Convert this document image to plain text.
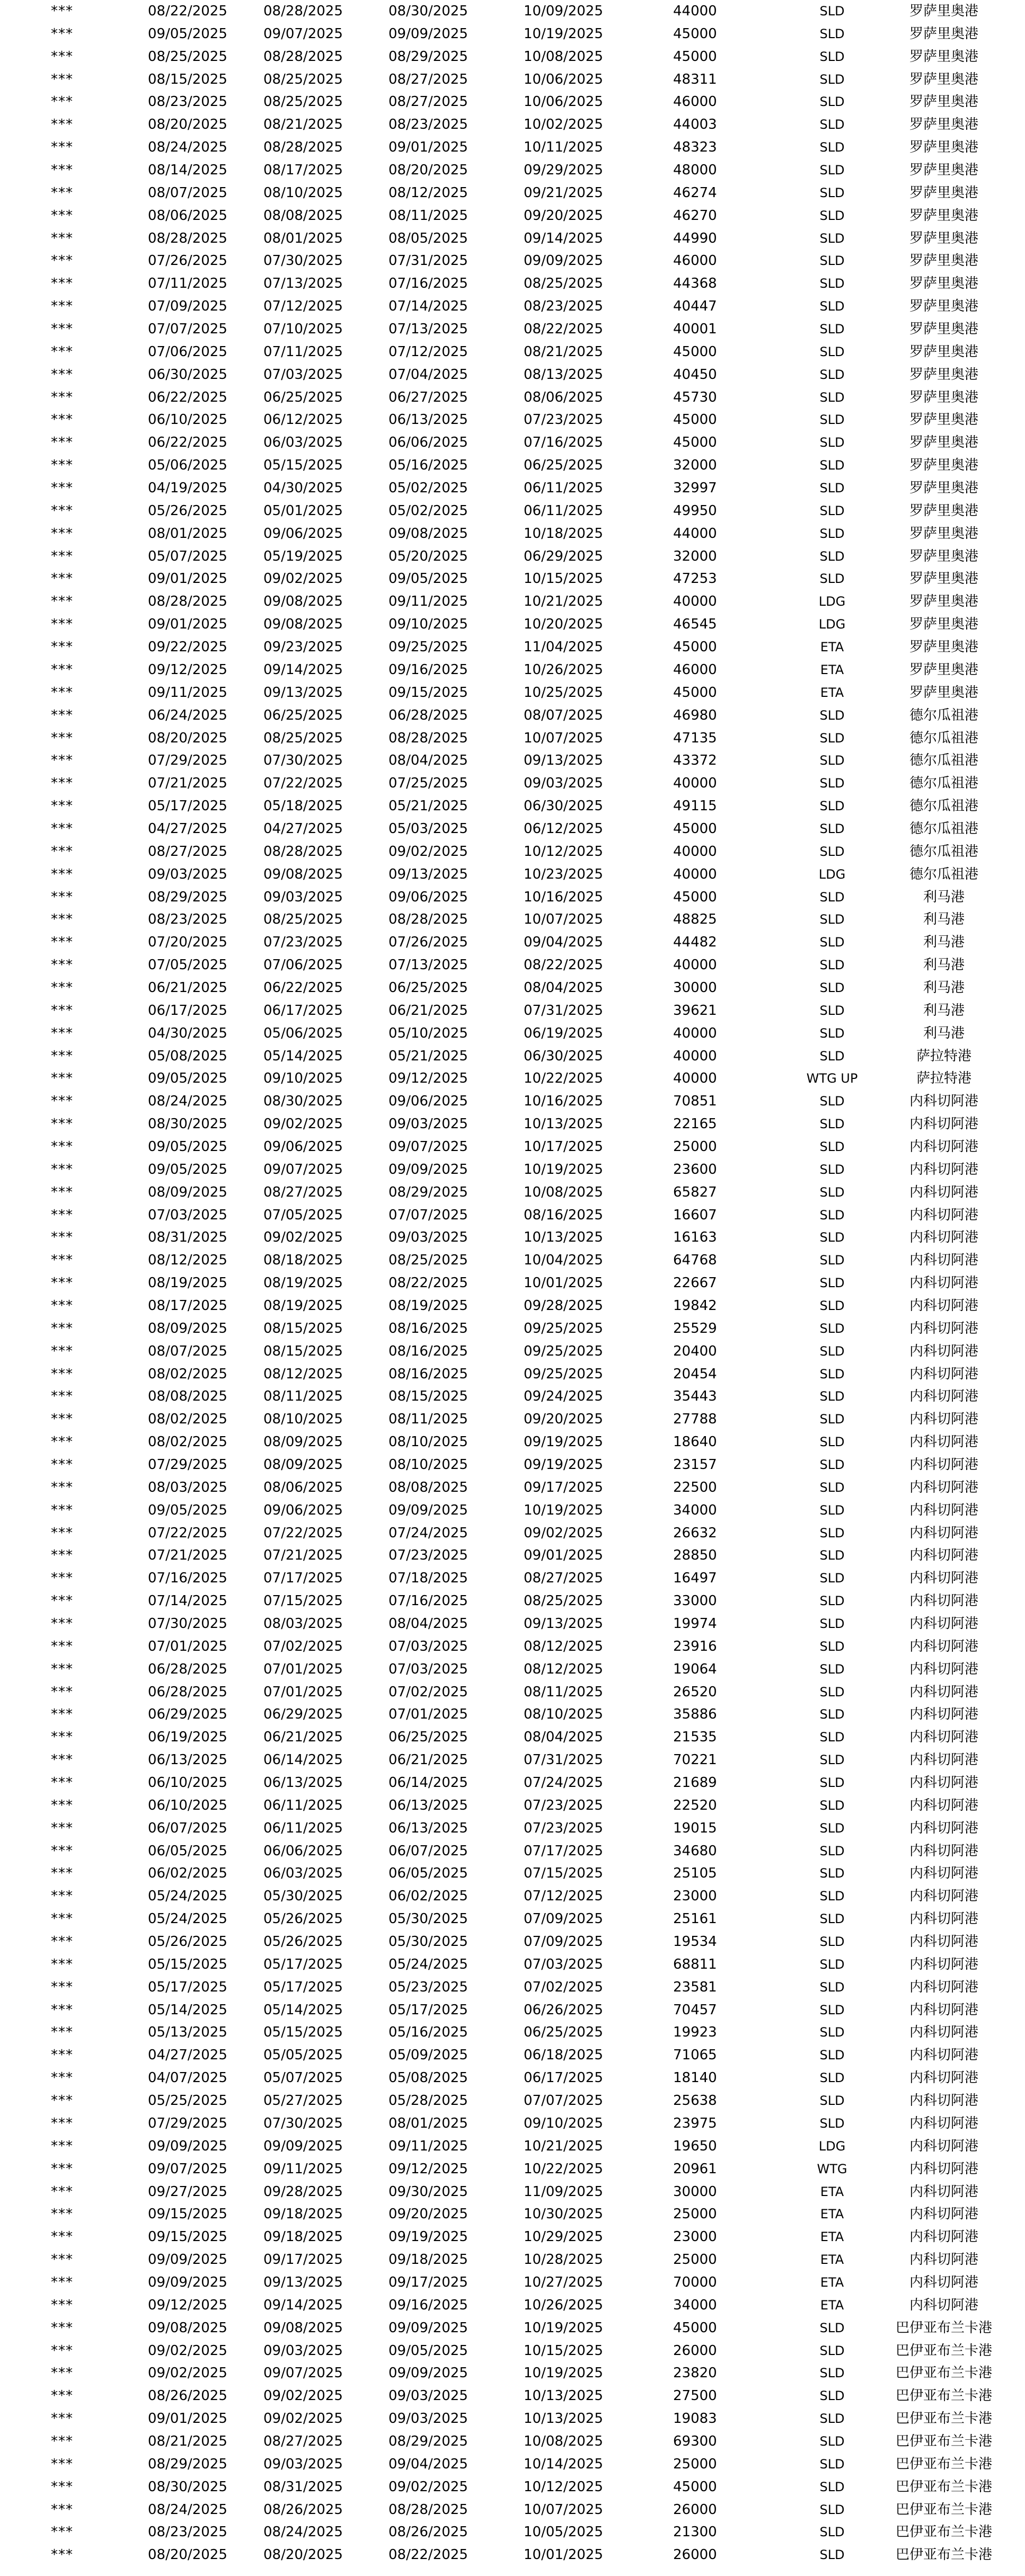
***	08/22/2025	08/28/2025	08/30/2025	10/09/2025	44000	SLD	罗萨里奥港
***	09/05/2025	09/07/2025	09/09/2025	10/19/2025	45000	SLD	罗萨里奥港
***	08/25/2025	08/28/2025	08/29/2025	10/08/2025	45000	SLD	罗萨里奥港
***	08/15/2025	08/25/2025	08/27/2025	10/06/2025	48311	SLD	罗萨里奥港
***	08/23/2025	08/25/2025	08/27/2025	10/06/2025	46000	SLD	罗萨里奥港
***	08/20/2025	08/21/2025	08/23/2025	10/02/2025	44003	SLD	罗萨里奥港
***	08/24/2025	08/28/2025	09/01/2025	10/11/2025	48323	SLD	罗萨里奥港
***	08/14/2025	08/17/2025	08/20/2025	09/29/2025	48000	SLD	罗萨里奥港
***	08/07/2025	08/10/2025	08/12/2025	09/21/2025	46274	SLD	罗萨里奥港
***	08/06/2025	08/08/2025	08/11/2025	09/20/2025	46270	SLD	罗萨里奥港
***	08/28/2025	08/01/2025	08/05/2025	09/14/2025	44990	SLD	罗萨里奥港
***	07/26/2025	07/30/2025	07/31/2025	09/09/2025	46000	SLD	罗萨里奥港
***	07/11/2025	07/13/2025	07/16/2025	08/25/2025	44368	SLD	罗萨里奥港
***	07/09/2025	07/12/2025	07/14/2025	08/23/2025	40447	SLD	罗萨里奥港
***	07/07/2025	07/10/2025	07/13/2025	08/22/2025	40001	SLD	罗萨里奥港
***	07/06/2025	07/11/2025	07/12/2025	08/21/2025	45000	SLD	罗萨里奥港
***	06/30/2025	07/03/2025	07/04/2025	08/13/2025	40450	SLD	罗萨里奥港
***	06/22/2025	06/25/2025	06/27/2025	08/06/2025	45730	SLD	罗萨里奥港
***	06/10/2025	06/12/2025	06/13/2025	07/23/2025	45000	SLD	罗萨里奥港
***	06/22/2025	06/03/2025	06/06/2025	07/16/2025	45000	SLD	罗萨里奥港
***	05/06/2025	05/15/2025	05/16/2025	06/25/2025	32000	SLD	罗萨里奥港
***	04/19/2025	04/30/2025	05/02/2025	06/11/2025	32997	SLD	罗萨里奥港
***	05/26/2025	05/01/2025	05/02/2025	06/11/2025	49950	SLD	罗萨里奥港
***	08/01/2025	09/06/2025	09/08/2025	10/18/2025	44000	SLD	罗萨里奥港
***	05/07/2025	05/19/2025	05/20/2025	06/29/2025	32000	SLD	罗萨里奥港
***	09/01/2025	09/02/2025	09/05/2025	10/15/2025	47253	SLD	罗萨里奥港
***	08/28/2025	09/08/2025	09/11/2025	10/21/2025	40000	LDG	罗萨里奥港
***	09/01/2025	09/08/2025	09/10/2025	10/20/2025	46545	LDG	罗萨里奥港
***	09/22/2025	09/23/2025	09/25/2025	11/04/2025	45000	ETA	罗萨里奥港
***	09/12/2025	09/14/2025	09/16/2025	10/26/2025	46000	ETA	罗萨里奥港
***	09/11/2025	09/13/2025	09/15/2025	10/25/2025	45000	ETA	罗萨里奥港
***	06/24/2025	06/25/2025	06/28/2025	08/07/2025	46980	SLD	德尔瓜祖港
***	08/20/2025	08/25/2025	08/28/2025	10/07/2025	47135	SLD	德尔瓜祖港
***	07/29/2025	07/30/2025	08/04/2025	09/13/2025	43372	SLD	德尔瓜祖港
***	07/21/2025	07/22/2025	07/25/2025	09/03/2025	40000	SLD	德尔瓜祖港
***	05/17/2025	05/18/2025	05/21/2025	06/30/2025	49115	SLD	德尔瓜祖港
***	04/27/2025	04/27/2025	05/03/2025	06/12/2025	45000	SLD	德尔瓜祖港
***	08/27/2025	08/28/2025	09/02/2025	10/12/2025	40000	SLD	德尔瓜祖港
***	09/03/2025	09/08/2025	09/13/2025	10/23/2025	40000	LDG	德尔瓜祖港
***	08/29/2025	09/03/2025	09/06/2025	10/16/2025	45000	SLD	利马港
***	08/23/2025	08/25/2025	08/28/2025	10/07/2025	48825	SLD	利马港
***	07/20/2025	07/23/2025	07/26/2025	09/04/2025	44482	SLD	利马港
***	07/05/2025	07/06/2025	07/13/2025	08/22/2025	40000	SLD	利马港
***	06/21/2025	06/22/2025	06/25/2025	08/04/2025	30000	SLD	利马港
***	06/17/2025	06/17/2025	06/21/2025	07/31/2025	39621	SLD	利马港
***	04/30/2025	05/06/2025	05/10/2025	06/19/2025	40000	SLD	利马港
***	05/08/2025	05/14/2025	05/21/2025	06/30/2025	40000	SLD	萨拉特港
***	09/05/2025	09/10/2025	09/12/2025	10/22/2025	40000	WTG UP	萨拉特港
***	08/24/2025	08/30/2025	09/06/2025	10/16/2025	70851	SLD	内科切阿港
***	08/30/2025	09/02/2025	09/03/2025	10/13/2025	22165	SLD	内科切阿港
***	09/05/2025	09/06/2025	09/07/2025	10/17/2025	25000	SLD	内科切阿港
***	09/05/2025	09/07/2025	09/09/2025	10/19/2025	23600	SLD	内科切阿港
***	08/09/2025	08/27/2025	08/29/2025	10/08/2025	65827	SLD	内科切阿港
***	07/03/2025	07/05/2025	07/07/2025	08/16/2025	16607	SLD	内科切阿港
***	08/31/2025	09/02/2025	09/03/2025	10/13/2025	16163	SLD	内科切阿港
***	08/12/2025	08/18/2025	08/25/2025	10/04/2025	64768	SLD	内科切阿港
***	08/19/2025	08/19/2025	08/22/2025	10/01/2025	22667	SLD	内科切阿港
***	08/17/2025	08/19/2025	08/19/2025	09/28/2025	19842	SLD	内科切阿港
***	08/09/2025	08/15/2025	08/16/2025	09/25/2025	25529	SLD	内科切阿港
***	08/07/2025	08/15/2025	08/16/2025	09/25/2025	20400	SLD	内科切阿港
***	08/02/2025	08/12/2025	08/16/2025	09/25/2025	20454	SLD	内科切阿港
***	08/08/2025	08/11/2025	08/15/2025	09/24/2025	35443	SLD	内科切阿港
***	08/02/2025	08/10/2025	08/11/2025	09/20/2025	27788	SLD	内科切阿港
***	08/02/2025	08/09/2025	08/10/2025	09/19/2025	18640	SLD	内科切阿港
***	07/29/2025	08/09/2025	08/10/2025	09/19/2025	23157	SLD	内科切阿港
***	08/03/2025	08/06/2025	08/08/2025	09/17/2025	22500	SLD	内科切阿港
***	09/05/2025	09/06/2025	09/09/2025	10/19/2025	34000	SLD	内科切阿港
***	07/22/2025	07/22/2025	07/24/2025	09/02/2025	26632	SLD	内科切阿港
***	07/21/2025	07/21/2025	07/23/2025	09/01/2025	28850	SLD	内科切阿港
***	07/16/2025	07/17/2025	07/18/2025	08/27/2025	16497	SLD	内科切阿港
***	07/14/2025	07/15/2025	07/16/2025	08/25/2025	33000	SLD	内科切阿港
***	07/30/2025	08/03/2025	08/04/2025	09/13/2025	19974	SLD	内科切阿港
***	07/01/2025	07/02/2025	07/03/2025	08/12/2025	23916	SLD	内科切阿港
***	06/28/2025	07/01/2025	07/03/2025	08/12/2025	19064	SLD	内科切阿港
***	06/28/2025	07/01/2025	07/02/2025	08/11/2025	26520	SLD	内科切阿港
***	06/29/2025	06/29/2025	07/01/2025	08/10/2025	35886	SLD	内科切阿港
***	06/19/2025	06/21/2025	06/25/2025	08/04/2025	21535	SLD	内科切阿港
***	06/13/2025	06/14/2025	06/21/2025	07/31/2025	70221	SLD	内科切阿港
***	06/10/2025	06/13/2025	06/14/2025	07/24/2025	21689	SLD	内科切阿港
***	06/10/2025	06/11/2025	06/13/2025	07/23/2025	22520	SLD	内科切阿港
***	06/07/2025	06/11/2025	06/13/2025	07/23/2025	19015	SLD	内科切阿港
***	06/05/2025	06/06/2025	06/07/2025	07/17/2025	34680	SLD	内科切阿港
***	06/02/2025	06/03/2025	06/05/2025	07/15/2025	25105	SLD	内科切阿港
***	05/24/2025	05/30/2025	06/02/2025	07/12/2025	23000	SLD	内科切阿港
***	05/24/2025	05/26/2025	05/30/2025	07/09/2025	25161	SLD	内科切阿港
***	05/26/2025	05/26/2025	05/30/2025	07/09/2025	19534	SLD	内科切阿港
***	05/15/2025	05/17/2025	05/24/2025	07/03/2025	68811	SLD	内科切阿港
***	05/17/2025	05/17/2025	05/23/2025	07/02/2025	23581	SLD	内科切阿港
***	05/14/2025	05/14/2025	05/17/2025	06/26/2025	70457	SLD	内科切阿港
***	05/13/2025	05/15/2025	05/16/2025	06/25/2025	19923	SLD	内科切阿港
***	04/27/2025	05/05/2025	05/09/2025	06/18/2025	71065	SLD	内科切阿港
***	04/07/2025	05/07/2025	05/08/2025	06/17/2025	18140	SLD	内科切阿港
***	05/25/2025	05/27/2025	05/28/2025	07/07/2025	25638	SLD	内科切阿港
***	07/29/2025	07/30/2025	08/01/2025	09/10/2025	23975	SLD	内科切阿港
***	09/09/2025	09/09/2025	09/11/2025	10/21/2025	19650	LDG	内科切阿港
***	09/07/2025	09/11/2025	09/12/2025	10/22/2025	20961	WTG	内科切阿港
***	09/27/2025	09/28/2025	09/30/2025	11/09/2025	30000	ETA	内科切阿港
***	09/15/2025	09/18/2025	09/20/2025	10/30/2025	25000	ETA	内科切阿港
***	09/15/2025	09/18/2025	09/19/2025	10/29/2025	23000	ETA	内科切阿港
***	09/09/2025	09/17/2025	09/18/2025	10/28/2025	25000	ETA	内科切阿港
***	09/09/2025	09/13/2025	09/17/2025	10/27/2025	70000	ETA	内科切阿港
***	09/12/2025	09/14/2025	09/16/2025	10/26/2025	34000	ETA	内科切阿港
***	09/08/2025	09/08/2025	09/09/2025	10/19/2025	45000	SLD	巴伊亚布兰卡港
***	09/02/2025	09/03/2025	09/05/2025	10/15/2025	26000	SLD	巴伊亚布兰卡港
***	09/02/2025	09/07/2025	09/09/2025	10/19/2025	23820	SLD	巴伊亚布兰卡港
***	08/26/2025	09/02/2025	09/03/2025	10/13/2025	27500	SLD	巴伊亚布兰卡港
***	09/01/2025	09/02/2025	09/03/2025	10/13/2025	19083	SLD	巴伊亚布兰卡港
***	08/21/2025	08/27/2025	08/29/2025	10/08/2025	69300	SLD	巴伊亚布兰卡港
***	08/29/2025	09/03/2025	09/04/2025	10/14/2025	25000	SLD	巴伊亚布兰卡港
***	08/30/2025	08/31/2025	09/02/2025	10/12/2025	45000	SLD	巴伊亚布兰卡港
***	08/24/2025	08/26/2025	08/28/2025	10/07/2025	26000	SLD	巴伊亚布兰卡港
***	08/23/2025	08/24/2025	08/26/2025	10/05/2025	21300	SLD	巴伊亚布兰卡港
***	08/20/2025	08/20/2025	08/22/2025	10/01/2025	26000	SLD	巴伊亚布兰卡港
